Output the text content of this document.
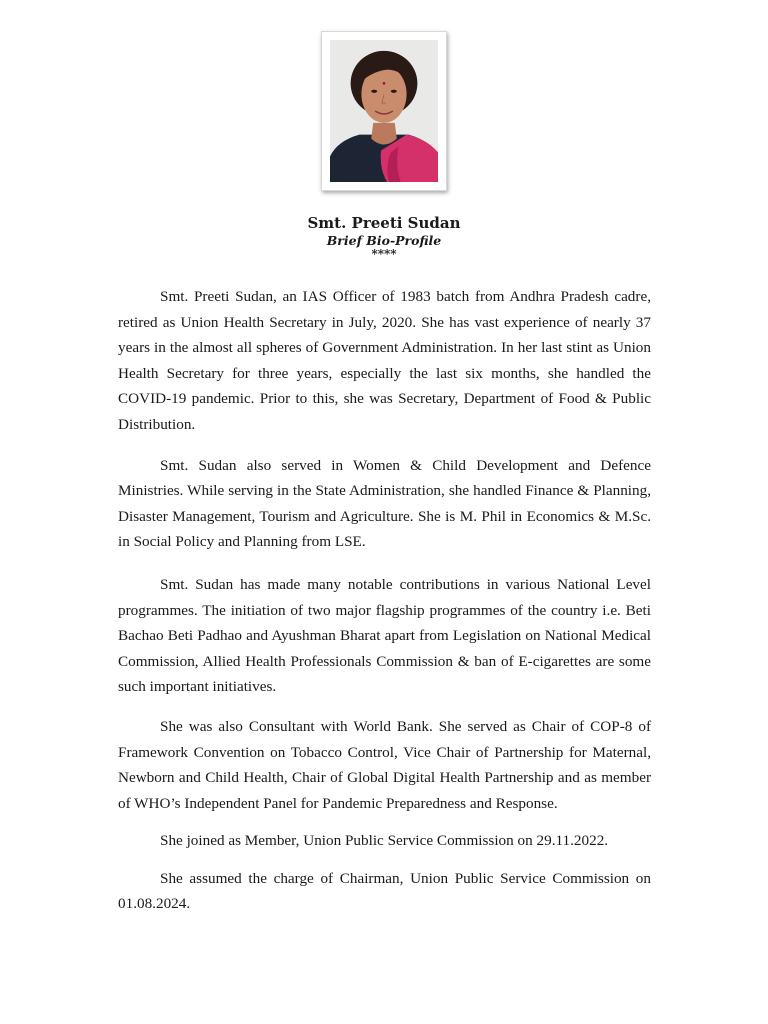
Smt. Preeti Sudan

Brief Bio-Profile

****

Smt. Preeti Sudan, an IAS Officer of 1983 batch from Andhra Pradesh cadre, retired as Union Health Secretary in July, 2020. She has vast experience of nearly 37 years in the almost all spheres of Government Administration. In her last stint as Union Health Secretary for three years, especially the last six months, she handled the COVID-19 pandemic. Prior to this, she was Secretary, Department of Food & Public Distribution.

Smt. Sudan also served in Women & Child Development and Defence Ministries. While serving in the State Administration, she handled Finance & Planning, Disaster Management, Tourism and Agriculture. She is M. Phil in Economics & M.Sc. in Social Policy and Planning from LSE.

Smt. Sudan has made many notable contributions in various National Level programmes. The initiation of two major flagship programmes of the country i.e. Beti Bachao Beti Padhao and Ayushman Bharat apart from Legislation on National Medical Commission, Allied Health Professionals Commission & ban of E-cigarettes are some such important initiatives.

She was also Consultant with World Bank. She served as Chair of COP-8 of Framework Convention on Tobacco Control, Vice Chair of Partnership for Maternal, Newborn and Child Health, Chair of Global Digital Health Partnership and as member of WHO’s Independent Panel for Pandemic Preparedness and Response.

She joined as Member, Union Public Service Commission on 29.11.2022.

She assumed the charge of Chairman, Union Public Service Commission on 01.08.2024.
